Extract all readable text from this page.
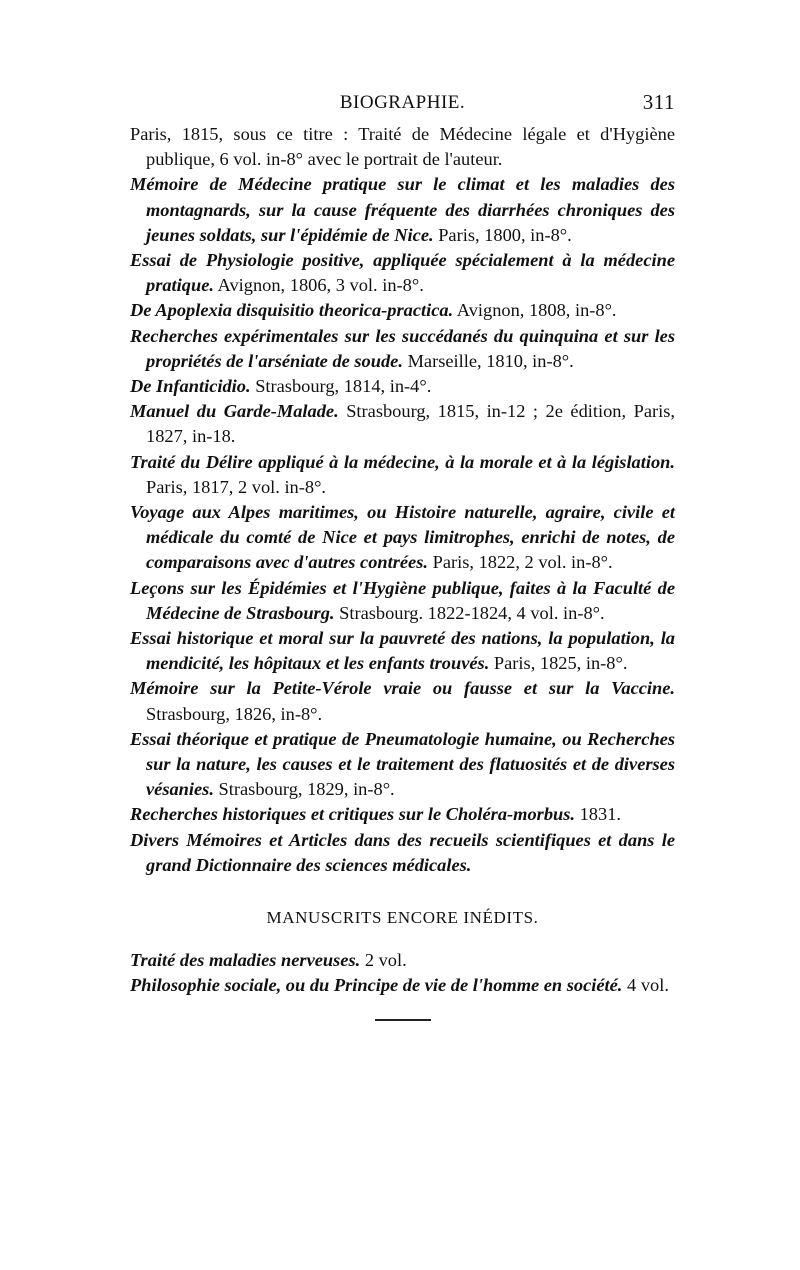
BIOGRAPHIE.	311
Paris, 1815, sous ce titre : Traité de Médecine légale et d'Hygiène publique, 6 vol. in-8° avec le portrait de l'auteur.
Mémoire de Médecine pratique sur le climat et les maladies des montagnards, sur la cause fréquente des diarrhées chroniques des jeunes soldats, sur l'épidémie de Nice. Paris, 1800, in-8°.
Essai de Physiologie positive, appliquée spécialement à la médecine pratique. Avignon, 1806, 3 vol. in-8°.
De Apoplexia disquisitio theorica-practica. Avignon, 1808, in-8°.
Recherches expérimentales sur les succédanés du quinquina et sur les propriétés de l'arséniate de soude. Marseille, 1810, in-8°.
De Infanticidio. Strasbourg, 1814, in-4°.
Manuel du Garde-Malade. Strasbourg, 1815, in-12 ; 2e édition, Paris, 1827, in-18.
Traité du Délire appliqué à la médecine, à la morale et à la législation. Paris, 1817, 2 vol. in-8°.
Voyage aux Alpes maritimes, ou Histoire naturelle, agraire, civile et médicale du comté de Nice et pays limitrophes, enrichi de notes, de comparaisons avec d'autres contrées. Paris, 1822, 2 vol. in-8°.
Leçons sur les Épidémies et l'Hygiène publique, faites à la Faculté de Médecine de Strasbourg. Strasbourg. 1822-1824, 4 vol. in-8°.
Essai historique et moral sur la pauvreté des nations, la population, la mendicité, les hôpitaux et les enfants trouvés. Paris, 1825, in-8°.
Mémoire sur la Petite-Vérole vraie ou fausse et sur la Vaccine. Strasbourg, 1826, in-8°.
Essai théorique et pratique de Pneumatologie humaine, ou Recherches sur la nature, les causes et le traitement des flatuosités et de diverses vésanies. Strasbourg, 1829, in-8°.
Recherches historiques et critiques sur le Choléra-morbus. 1831.
Divers Mémoires et Articles dans des recueils scientifiques et dans le grand Dictionnaire des sciences médicales.
MANUSCRITS ENCORE INÉDITS.
Traité des maladies nerveuses. 2 vol.
Philosophie sociale, ou du Principe de vie de l'homme en société. 4 vol.
